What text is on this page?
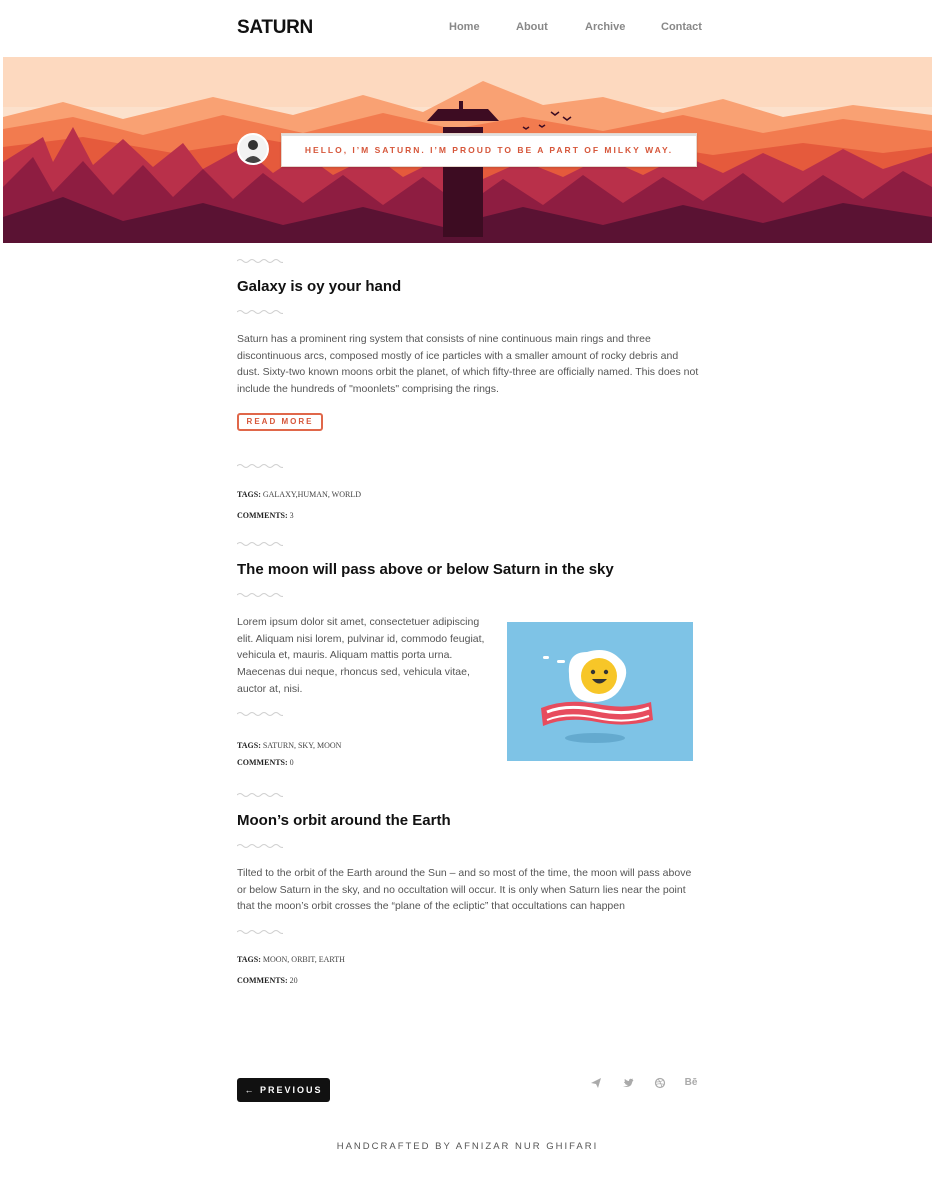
SATURN	Home	About	Archive	Contact
HELLO, I’M SATURN. I’M PROUD TO BE A PART OF MILKY WAY.
Galaxy is oy your hand

Saturn has a prominent ring system that consists of nine continuous main rings and three discontinuous arcs, composed mostly of ice particles with a smaller amount of rocky debris and dust. Sixty-two known moons orbit the planet, of which fifty-three are officially named. This does not include the hundreds of "moonlets" comprising the rings.

READ MORE
TAGS: GALAXY,HUMAN, WORLD
COMMENTS: 3
The moon will pass above or below Saturn in the sky

Lorem ipsum dolor sit amet, consectetuer adipiscing elit. Aliquam nisi lorem, pulvinar id, commodo feugiat, vehicula et, mauris. Aliquam mattis porta urna. Maecenas dui neque, rhoncus sed, vehicula vitae, auctor at, nisi.

TAGS: SATURN, SKY, MOON
COMMENTS: 0
Moon’s orbit around the Earth

Tilted to the orbit of the Earth around the Sun – and so most of the time, the moon will pass above or below Saturn in the sky, and no occultation will occur. It is only when Saturn lies near the point that the moon’s orbit crosses the “plane of the ecliptic” that occultations can happen

TAGS: MOON, ORBIT, EARTH
COMMENTS: 20
← PREVIOUS
Bē
HANDCRAFTED BY AFNIZAR NUR GHIFARI
